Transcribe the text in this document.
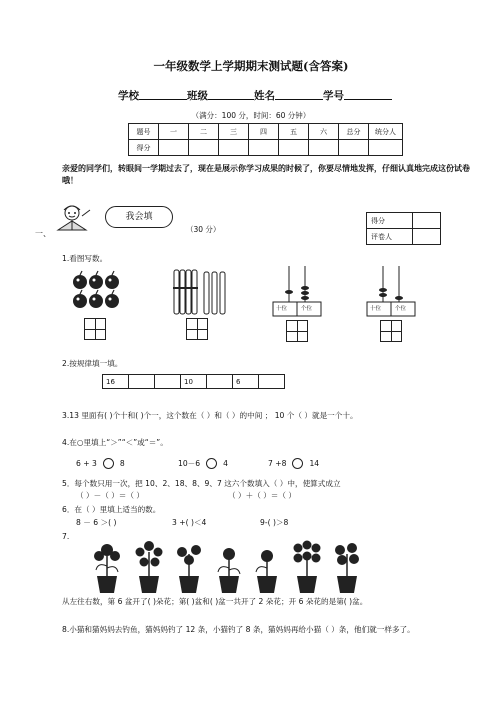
一年级数学上学期期末测试题(含答案)
学校	班级	姓名	学号
（满分：100 分，时间：60 分钟）
题号	一	二	三	四	五	六	总分	统分人
得分								
亲爱的同学们，转眼间一学期过去了，现在是展示你学习成果的时候了，你要尽情地发挥，仔细认真地完成这份试卷哦！
一、
我会填
（30 分）
得分	
评卷人	
1.看图写数。
十位	个位	十位	个位
2.按规律填一填。
16			10		6	
3.13 里面有( )个十和( )个一，这个数在（ ）和（ ）的中间 ； 10 个（ ）就是一个十。
4.在○里填上“＞”“＜”或“＝”。
6 + 3	8	10－6	4	7 +8	14
5．每个数只用一次，把 10、2、18、8、9、7 这六个数填入（ ）中，使算式成立
（ ）－（ ）＝（ ）	（ ）＋（ ）＝（ ）
6．在（ ）里填上适当的数。
8 － 6 ＞( )	3 +( )＜4	9-( )＞8
7.
从左往右数，第 6 盆开了( )朵花；第( )盆和( )盆一共开了 2 朵花；开 6 朵花的是第( )盆。
8.小猫和猫妈妈去钓鱼，猫妈妈钓了 12 条，小猫钓了 8 条，猫妈妈再给小猫（ ）条，他们就一样多了。
